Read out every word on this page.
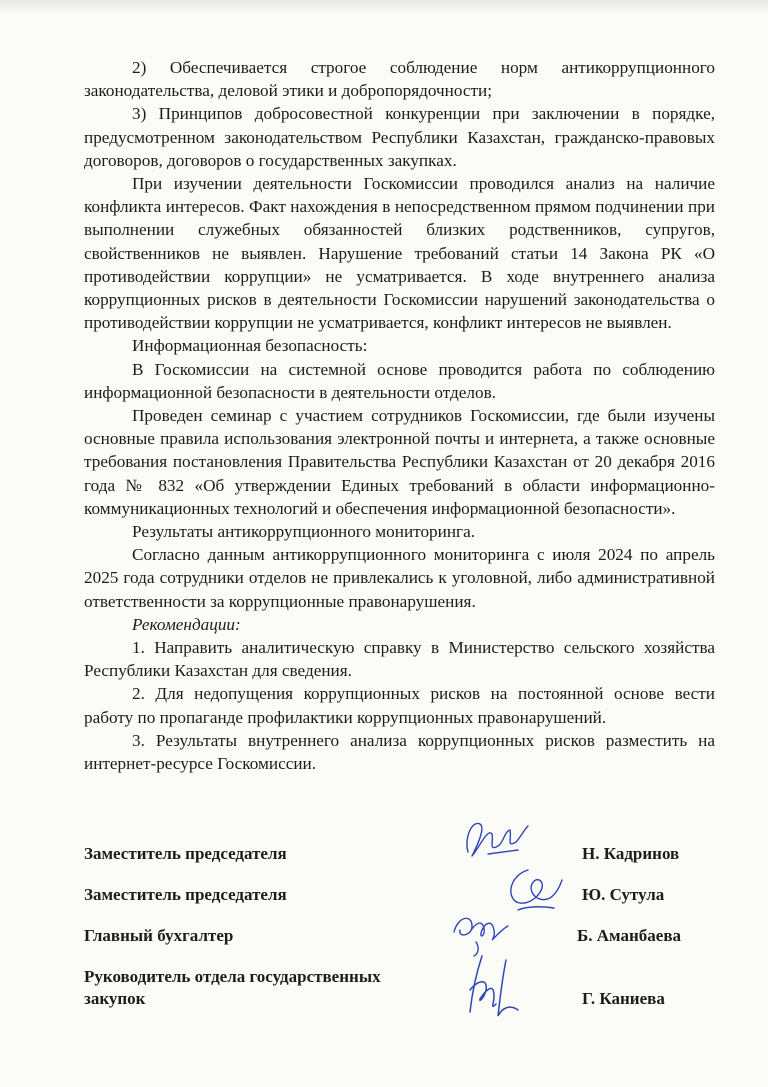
2) Обеспечивается строгое соблюдение норм антикоррупционного законодательства, деловой этики и добропорядочности;

3) Принципов добросовестной конкуренции при заключении в порядке, предусмотренном законодательством Республики Казахстан, гражданско-правовых договоров, договоров о государственных закупках.

При изучении деятельности Госкомиссии проводился анализ на наличие конфликта интересов. Факт нахождения в непосредственном прямом подчинении при выполнении служебных обязанностей близких родственников, супругов, свойственников не выявлен. Нарушение требований статьи 14 Закона РК «О противодействии коррупции» не усматривается. В ходе внутреннего анализа коррупционных рисков в деятельности Госкомиссии нарушений законодательства о противодействии коррупции не усматривается, конфликт интересов не выявлен.

Информационная безопасность:

В Госкомиссии на системной основе проводится работа по соблюдению информационной безопасности в деятельности отделов.

Проведен семинар с участием сотрудников Госкомиссии, где были изучены основные правила использования электронной почты и интернета, а также основные требования постановления Правительства Республики Казахстан от 20 декабря 2016 года № 832 «Об утверждении Единых требований в области информационно-коммуникационных технологий и обеспечения информационной безопасности».

Результаты антикоррупционного мониторинга.

Согласно данным антикоррупционного мониторинга с июля 2024 по апрель 2025 года сотрудники отделов не привлекались к уголовной, либо административной ответственности за коррупционные правонарушения.

Рекомендации:

1. Направить аналитическую справку в Министерство сельского хозяйства Республики Казахстан для сведения.

2. Для недопущения коррупционных рисков на постоянной основе вести работу по пропаганде профилактики коррупционных правонарушений.

3. Результаты внутреннего анализа коррупционных рисков разместить на интернет-ресурсе Госкомиссии.

Заместитель председателя	Н. Кадринов
Заместитель председателя	Ю. Сутула
Главный бухгалтер	Б. Аманбаева
Руководитель отдела государственных закупок	Г. Каниева
